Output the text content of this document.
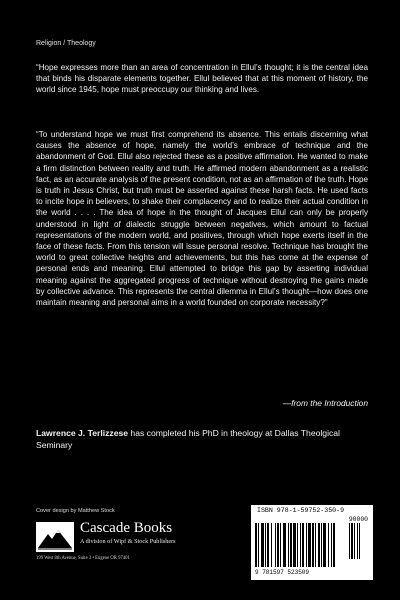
Religion / Theology

“Hope expresses more than an area of concentration in Ellul’s thought; it is the central idea that binds his disparate elements together. Ellul believed that at this moment of history, the world since 1945, hope must preoccupy our thinking and lives.

“To understand hope we must first comprehend its absence. This entails discerning what causes the absence of hope, namely the world’s embrace of technique and the abandonment of God. Ellul also rejected these as a positive affirmation. He wanted to make a firm distinction between reality and truth. He affirmed modern abandonment as a realistic fact, as an accurate analysis of the present condition, not as an affirmation of the truth. Hope is truth in Jesus Christ, but truth must be asserted against these harsh facts. He used facts to incite hope in believers, to shake their complacency and to realize their actual condition in the world . . . . The idea of hope in the thought of Jacques Ellul can only be properly understood in light of dialectic struggle between negatives, which amount to factual representations of the modern world, and positives, through which hope exerts itself in the face of these facts. From this tension will issue personal resolve. Technique has brought the world to great collective heights and achievements, but this has come at the expense of personal ends and meaning. Ellul attempted to bridge this gap by asserting individual meaning against the aggregated progress of technique without destroying the gains made by collective advance. This represents the central dilemma in Ellul’s thought—how does one maintain meaning and personal aims in a world founded on corporate necessity?”

—from the Introduction

Lawrence J. Terlizzese has completed his PhD in theology at Dallas Theolgical Seminary

Cover design by Matthew Stock
Cascade Books
A division of Wipf & Stock Publishers
199 West 8th Avenue, Suite 3 • Eugene OR 97401
ISBN 978-1-59752-350-9
90000
9 781597 523509
